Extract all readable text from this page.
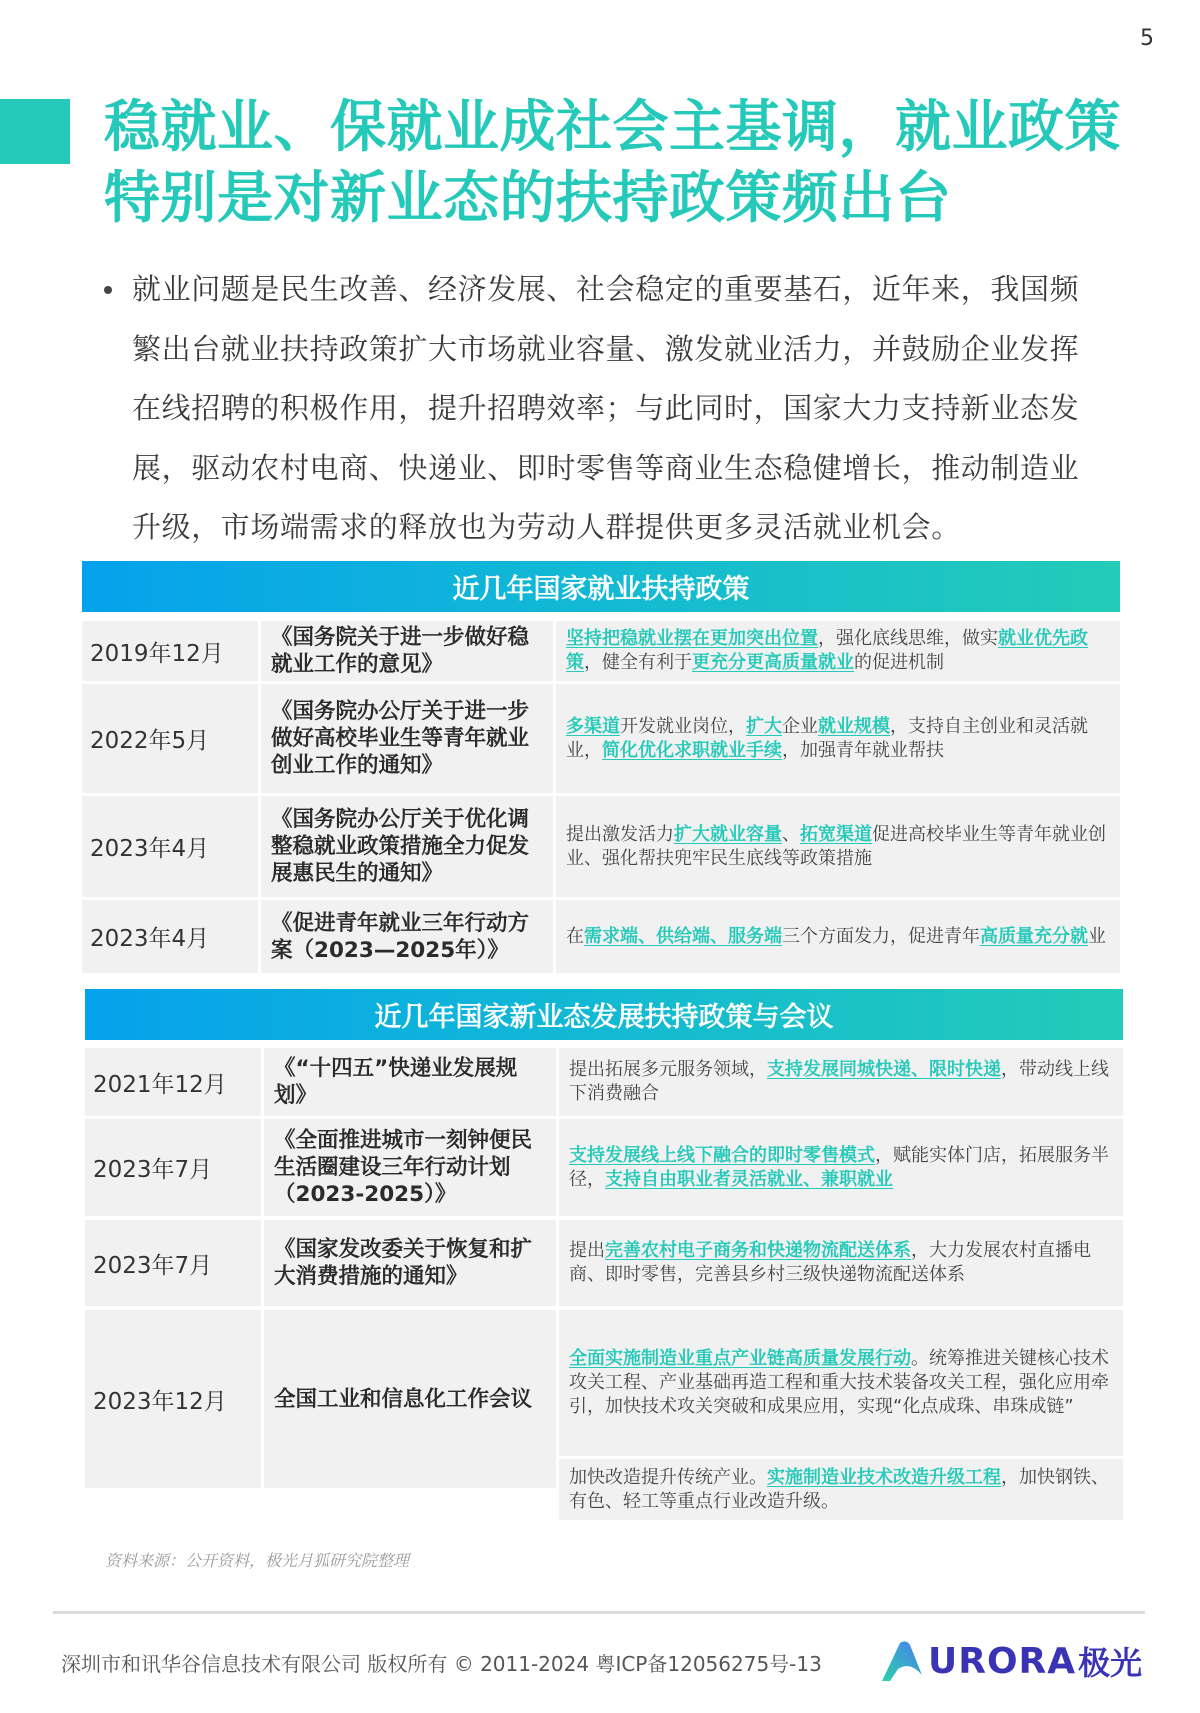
5
稳就业、保就业成社会主基调，就业政策特别是对新业态的扶持政策频出台

就业问题是民生改善、经济发展、社会稳定的重要基石，近年来，我国频繁出台就业扶持政策扩大市场就业容量、激发就业活力，并鼓励企业发挥在线招聘的积极作用，提升招聘效率；与此同时，国家大力支持新业态发展，驱动农村电商、快递业、即时零售等商业生态稳健增长，推动制造业升级，市场端需求的释放也为劳动人群提供更多灵活就业机会。

近几年国家就业扶持政策
2019年12月
《国务院关于进一步做好稳就业工作的意见》
坚持把稳就业摆在更加突出位置，强化底线思维，做实就业优先政策，健全有利于更充分更高质量就业的促进机制
2022年5月
《国务院办公厅关于进一步做好高校毕业生等青年就业创业工作的通知》
多渠道开发就业岗位，扩大企业就业规模，支持自主创业和灵活就业，简化优化求职就业手续，加强青年就业帮扶
2023年4月
《国务院办公厅关于优化调整稳就业政策措施全力促发展惠民生的通知》
提出激发活力扩大就业容量、拓宽渠道促进高校毕业生等青年就业创业、强化帮扶兜牢民生底线等政策措施
2023年4月
《促进青年就业三年行动方案（2023—2025年）》
在需求端、供给端、服务端三个方面发力，促进青年高质量充分就业
近几年国家新业态发展扶持政策与会议
2021年12月
《“十四五”快递业发展规划》
提出拓展多元服务领域，支持发展同城快递、限时快递，带动线上线下消费融合
2023年7月
《全面推进城市一刻钟便民生活圈建设三年行动计划（2023-2025）》
支持发展线上线下融合的即时零售模式，赋能实体门店，拓展服务半径，支持自由职业者灵活就业、兼职就业
2023年7月
《国家发改委关于恢复和扩大消费措施的通知》
提出完善农村电子商务和快递物流配送体系，大力发展农村直播电商、即时零售，完善县乡村三级快递物流配送体系
2023年12月	全国工业和信息化工作会议
全面实施制造业重点产业链高质量发展行动。统筹推进关键核心技术攻关工程、产业基础再造工程和重大技术装备攻关工程，强化应用牵引，加快技术攻关突破和成果应用，实现“化点成珠、串珠成链”
加快改造提升传统产业。实施制造业技术改造升级工程，加快钢铁、有色、轻工等重点行业改造升级。
资料来源：公开资料，极光月狐研究院整理
深圳市和讯华谷信息技术有限公司 版权所有 © 2011-2024 粤ICP备12056275号-13	URORA 极光
